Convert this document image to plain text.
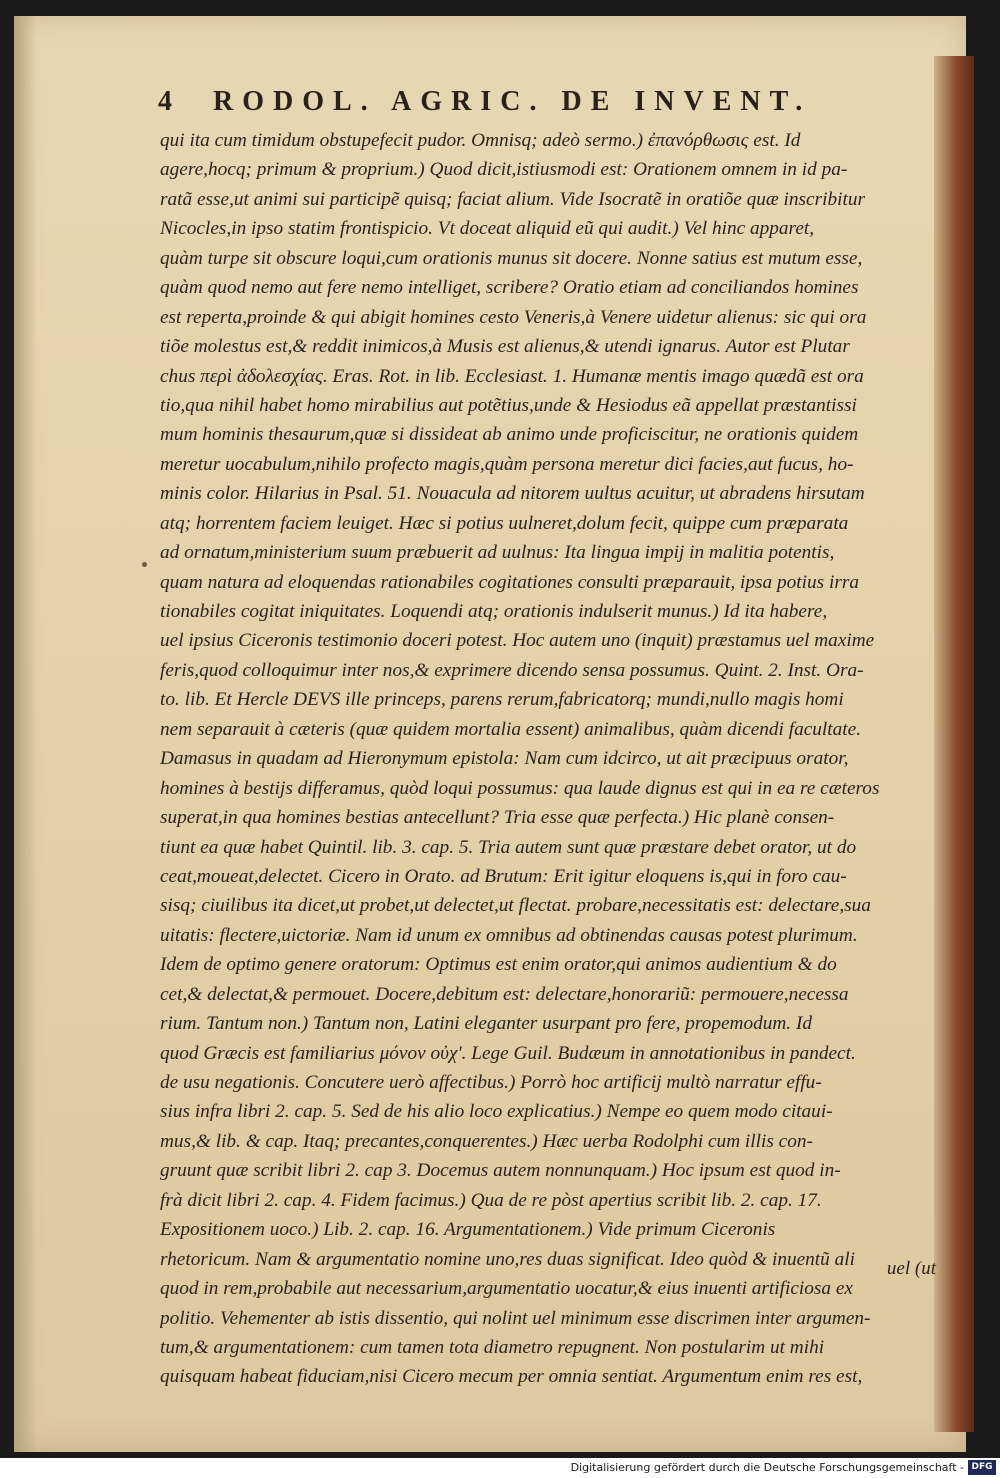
4 RODOL. AGRIC. DE INVENT.
qui ita cum timidum obstupefecit pudor. Omnisq; adeò sermo.) ἐπανόρθωσις est. Id
agere,hocq; primum & proprium.) Quod dicit,istiusmodi est: Orationem omnem in id pa-
ratã esse,ut animi sui participẽ quisq; faciat alium. Vide Isocratẽ in oratiõe quæ inscribitur
Nicocles,in ipso statim frontispicio. Vt doceat aliquid eũ qui audit.) Vel hinc apparet,
quàm turpe sit obscure loqui,cum orationis munus sit docere. Nonne satius est mutum esse,
quàm quod nemo aut fere nemo intelliget, scribere? Oratio etiam ad conciliandos homines
est reperta,proinde & qui abigit homines cesto Veneris,à Venere uidetur alienus: sic qui ora
tiõe molestus est,& reddit inimicos,à Musis est alienus,& utendi ignarus. Autor est Plutar
chus περὶ ἀδολεσχίας. Eras. Rot. in lib. Ecclesiast. 1. Humanæ mentis imago quædã est ora
tio,qua nihil habet homo mirabilius aut potẽtius,unde & Hesiodus eã appellat præstantissi
mum hominis thesaurum,quæ si dissideat ab animo unde proficiscitur, ne orationis quidem
meretur uocabulum,nihilo profecto magis,quàm persona meretur dici facies,aut fucus, ho-
minis color. Hilarius in Psal. 51. Nouacula ad nitorem uultus acuitur, ut abradens hirsutam
atq; horrentem faciem leuiget. Hæc si potius uulneret,dolum fecit, quippe cum præparata
ad ornatum,ministerium suum præbuerit ad uulnus: Ita lingua impij in malitia potentis,
quam natura ad eloquendas rationabiles cogitationes consulti præparauit, ipsa potius irra
tionabiles cogitat iniquitates. Loquendi atq; orationis indulserit munus.) Id ita habere,
uel ipsius Ciceronis testimonio doceri potest. Hoc autem uno (inquit) præstamus uel maxime
feris,quod colloquimur inter nos,& exprimere dicendo sensa possumus. Quint. 2. Inst. Ora-
to. lib. Et Hercle DEVS ille princeps, parens rerum,fabricatorq; mundi,nullo magis homi
nem separauit à cæteris (quæ quidem mortalia essent) animalibus, quàm dicendi facultate.
Damasus in quadam ad Hieronymum epistola: Nam cum idcirco, ut ait præcipuus orator,
homines à bestijs differamus, quòd loqui possumus: qua laude dignus est qui in ea re cæteros
superat,in qua homines bestias antecellunt? Tria esse quæ perfecta.) Hic planè consen-
tiunt ea quæ habet Quintil. lib. 3. cap. 5. Tria autem sunt quæ præstare debet orator, ut do
ceat,moueat,delectet. Cicero in Orato. ad Brutum: Erit igitur eloquens is,qui in foro cau-
sisq; ciuilibus ita dicet,ut probet,ut delectet,ut flectat. probare,necessitatis est: delectare,sua
uitatis: flectere,uictoriæ. Nam id unum ex omnibus ad obtinendas causas potest plurimum.
Idem de optimo genere oratorum: Optimus est enim orator,qui animos audientium & do
cet,& delectat,& permouet. Docere,debitum est: delectare,honorariũ: permouere,necessa
rium. Tantum non.) Tantum non, Latini eleganter usurpant pro fere, propemodum. Id
quod Græcis est familiarius μόνον οὐχ'. Lege Guil. Budæum in annotationibus in pandect.
de usu negationis. Concutere uerò affectibus.) Porrò hoc artificij multò narratur effu-
sius infra libri 2. cap. 5. Sed de his alio loco explicatius.) Nempe eo quem modo citaui-
mus,& lib. & cap. Itaq; precantes,conquerentes.) Hæc uerba Rodolphi cum illis con-
gruunt quæ scribit libri 2. cap 3. Docemus autem nonnunquam.) Hoc ipsum est quod in-
frà dicit libri 2. cap. 4. Fidem facimus.) Qua de re pòst apertius scribit lib. 2. cap. 17.
Expositionem uoco.) Lib. 2. cap. 16. Argumentationem.) Vide primum Ciceronis
rhetoricum. Nam & argumentatio nomine uno,res duas significat. Ideo quòd & inuentũ ali
quod in rem,probabile aut necessarium,argumentatio uocatur,& eius inuenti artificiosa ex
politio. Vehementer ab istis dissentio, qui nolint uel minimum esse discrimen inter argumen-
tum,& argumentationem: cum tamen tota diametro repugnent. Non postularim ut mihi
quisquam habeat fiduciam,nisi Cicero mecum per omnia sentiat. Argumentum enim res est,
uel (ut
Digitalisierung gefördert durch die Deutsche Forschungsgemeinschaft - DFG
